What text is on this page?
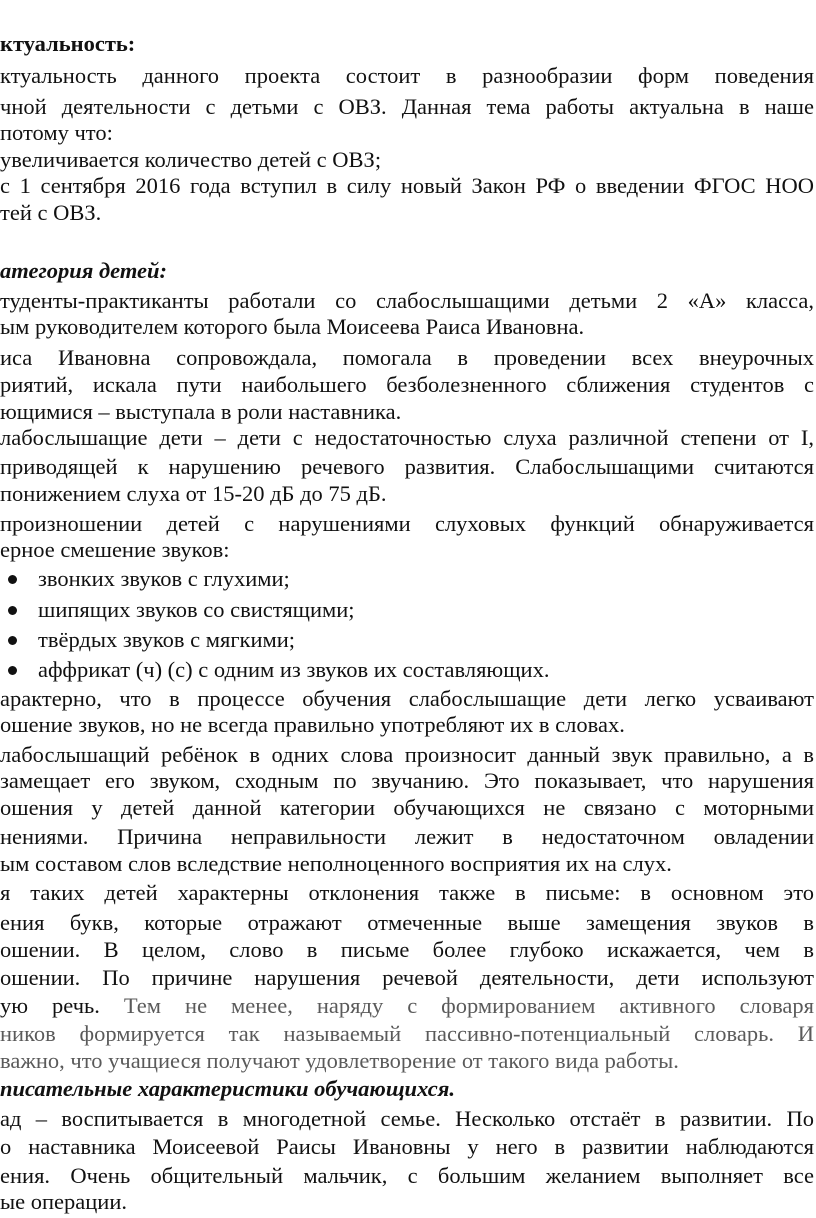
ктуальность:
ктуальность данного проекта состоит в разнообразии форм поведения
чной деятельности с детьми с ОВЗ. Данная тема работы актуальна в наше
потому что:
увеличивается количество детей с ОВЗ;
с 1 сентября 2016 года вступил в силу новый Закон РФ о введении ФГОС НОО
тей с ОВЗ.
атегория детей:
туденты-практиканты работали со слабослышащими детьми 2 «А» класса,
ым руководителем которого была Моисеева Раиса Ивановна.
иса Ивановна сопровождала, помогала в проведении всех внеурочных
риятий, искала пути наибольшего безболезненного сближения студентов с
ющимися – выступала в роли наставника.
лабослышащие дети – дети с недостаточностью слуха различной степени от I,
приводящей к нарушению речевого развития. Слабослышащими считаются
понижением слуха от 15-20 дБ до 75 дБ.
произношении детей с нарушениями слуховых функций обнаруживается
ерное смешение звуков:
звонких звуков с глухими;
шипящих звуков со свистящими;
твёрдых звуков с мягкими;
аффрикат (ч) (с) с одним из звуков их составляющих.
арактерно, что в процессе обучения слабослышащие дети легко усваивают
ошение звуков, но не всегда правильно употребляют их в словах.
лабослышащий ребёнок в одних слова произносит данный звук правильно, а в
замещает его звуком, сходным по звучанию. Это показывает, что нарушения
ошения у детей данной категории обучающихся не связано с моторными
нениями. Причина неправильности лежит в недостаточном овладении
ым составом слов вследствие неполноценного восприятия их на слух.
я таких детей характерны отклонения также в письме: в основном это
ения букв, которые отражают отмеченные выше замещения звуков в
ошении. В целом, слово в письме более глубоко искажается, чем в
ошении. По причине нарушения речевой деятельности, дети используют
ую речь. Тем не менее, наряду с формированием активного словаря
ников формируется так называемый пассивно-потенциальный словарь. И
важно, что учащиеся получают удовлетворение от такого вида работы.
писательные характеристики обучающихся.
ад – воспитывается в многодетной семье. Несколько отстаёт в развитии. По
о наставника Моисеевой Раисы Ивановны у него в развитии наблюдаются
ения. Очень общительный мальчик, с большим желанием выполняет все
ые операции.
